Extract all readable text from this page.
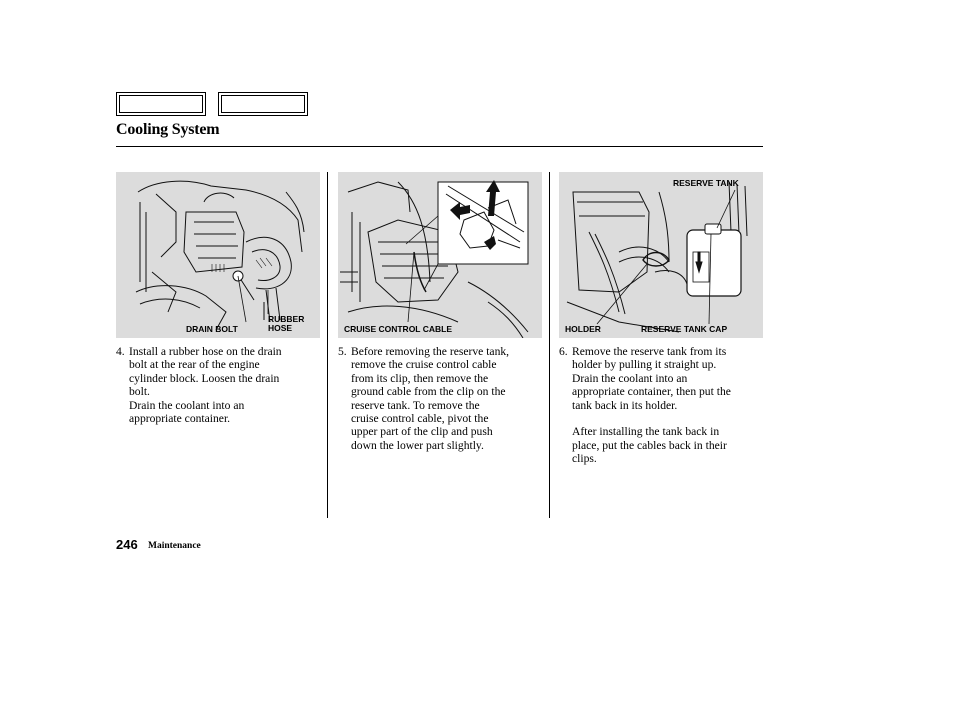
Cooling System
DRAIN BOLT
RUBBER
HOSE	CRUISE CONTROL CABLE
RESERVE TANK
HOLDER	RESERVE TANK CAP
4. Install a rubber hose on the drain

bolt at the rear of the engine

cylinder block. Loosen the drain

bolt.

Drain the coolant into an

appropriate container.

5. Before removing the reserve tank,

remove the cruise control cable

from its clip, then remove the

ground cable from the clip on the

reserve tank. To remove the

cruise control cable, pivot the

upper part of the clip and push

down the lower part slightly.

6. Remove the reserve tank from its

holder by pulling it straight up.

Drain the coolant into an

appropriate container, then put the

tank back in its holder.

After installing the tank back in

place, put the cables back in their

clips.

246 Maintenance
